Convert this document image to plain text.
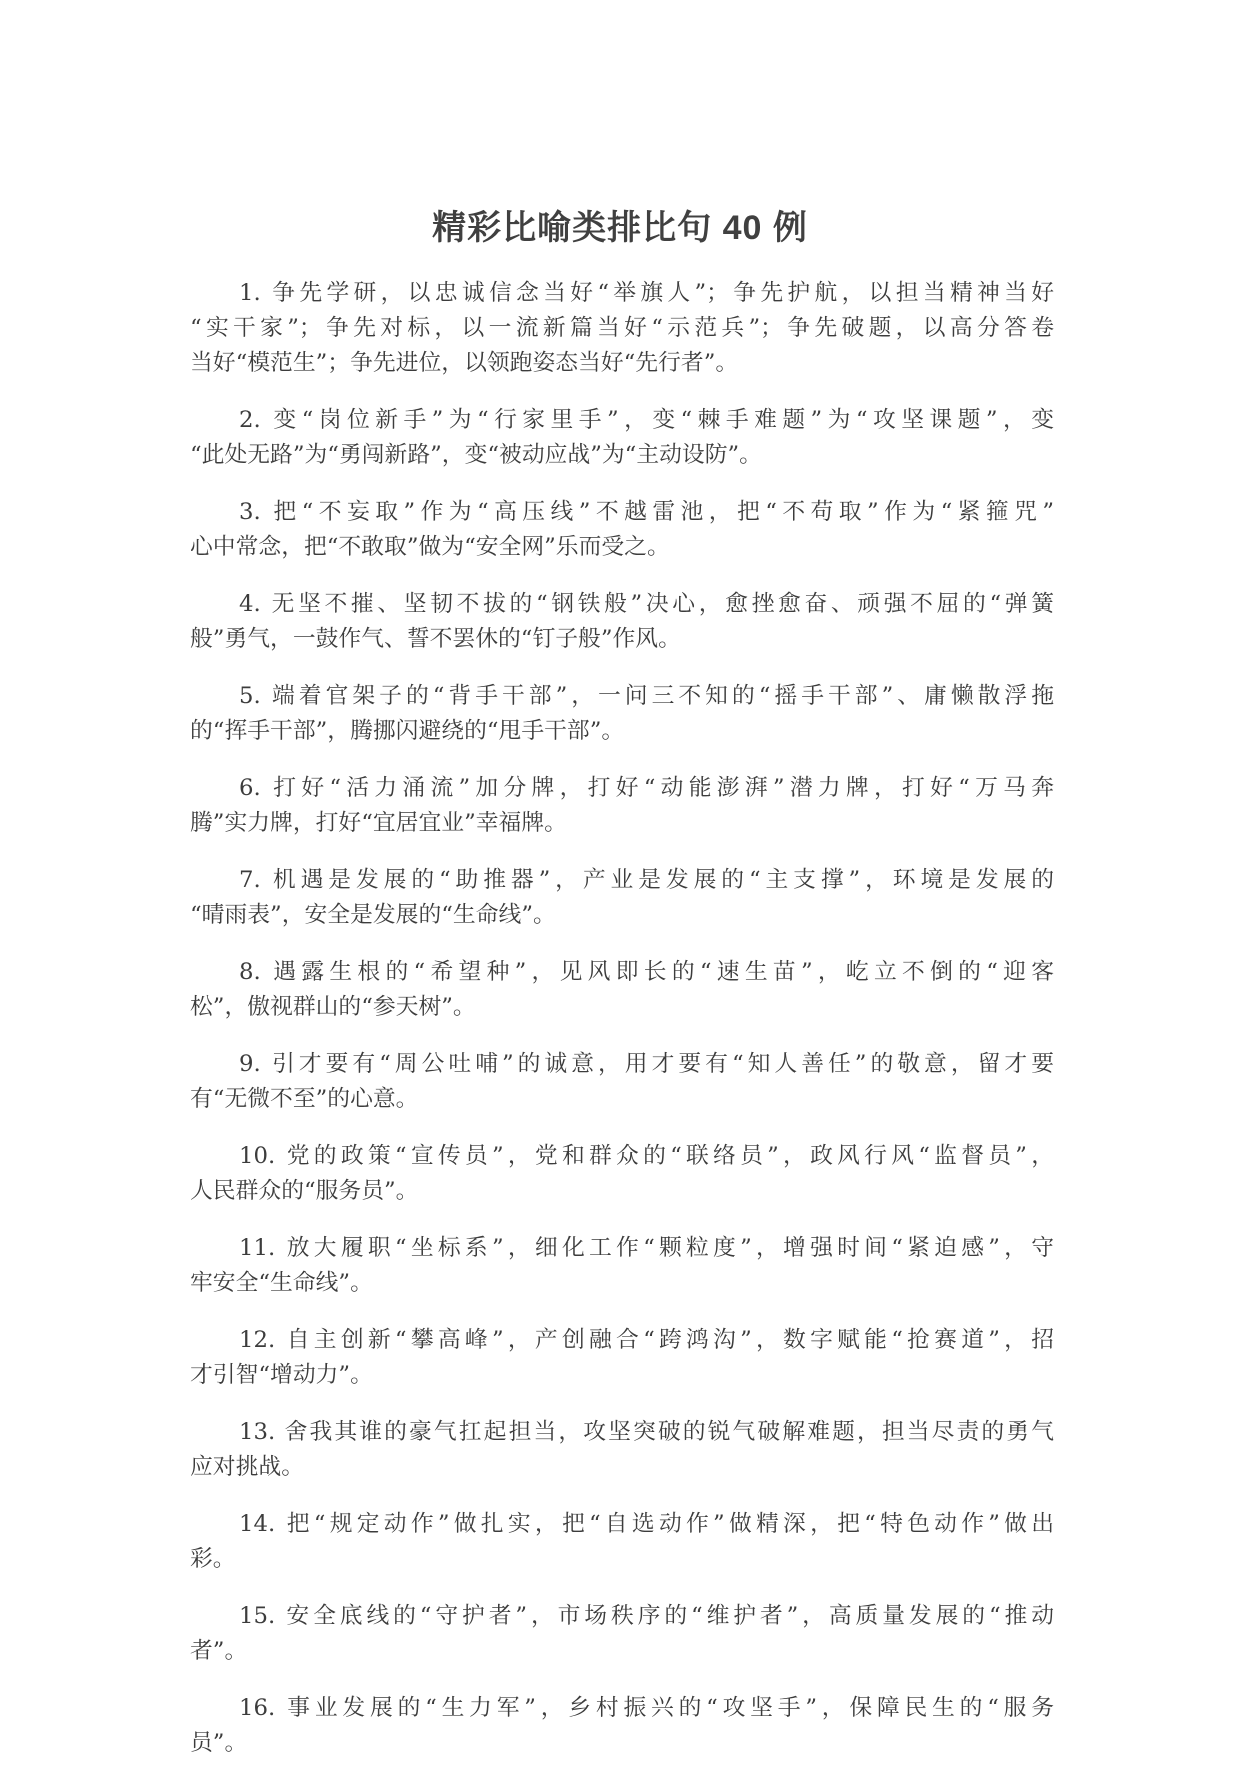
精彩比喻类排比句 40 例

1. 争先学研，以忠诚信念当好“举旗人”；争先护航，以担当精神当好
“实干家”；争先对标，以一流新篇当好“示范兵”；争先破题，以高分答卷
当好“模范生”；争先进位，以领跑姿态当好“先行者”。

2. 变“岗位新手”为“行家里手”，变“棘手难题”为“攻坚课题”，变
“此处无路”为“勇闯新路”，变“被动应战”为“主动设防”。

3. 把“不妄取”作为“高压线”不越雷池，把“不苟取”作为“紧箍咒”
心中常念，把“不敢取”做为“安全网”乐而受之。

4. 无坚不摧、坚韧不拔的“钢铁般”决心，愈挫愈奋、顽强不屈的“弹簧
般”勇气，一鼓作气、誓不罢休的“钉子般”作风。

5. 端着官架子的“背手干部”，一问三不知的“摇手干部”、庸懒散浮拖
的“挥手干部”，腾挪闪避绕的“甩手干部”。

6. 打好“活力涌流”加分牌，打好“动能澎湃”潜力牌，打好“万马奔
腾”实力牌，打好“宜居宜业”幸福牌。

7. 机遇是发展的“助推器”，产业是发展的“主支撑”，环境是发展的
“晴雨表”，安全是发展的“生命线”。

8. 遇露生根的“希望种”，见风即长的“速生苗”，屹立不倒的“迎客
松”，傲视群山的“参天树”。

9. 引才要有“周公吐哺”的诚意，用才要有“知人善任”的敬意，留才要
有“无微不至”的心意。

10. 党的政策“宣传员”，党和群众的“联络员”，政风行风“监督员”，
人民群众的“服务员”。

11. 放大履职“坐标系”，细化工作“颗粒度”，增强时间“紧迫感”，守
牢安全“生命线”。

12. 自主创新“攀高峰”，产创融合“跨鸿沟”，数字赋能“抢赛道”，招
才引智“增动力”。

13. 舍我其谁的豪气扛起担当，攻坚突破的锐气破解难题，担当尽责的勇气
应对挑战。

14. 把“规定动作”做扎实，把“自选动作”做精深，把“特色动作”做出
彩。

15. 安全底线的“守护者”，市场秩序的“维护者”，高质量发展的“推动
者”。

16. 事业发展的“生力军”，乡村振兴的“攻坚手”，保障民生的“服务
员”。
